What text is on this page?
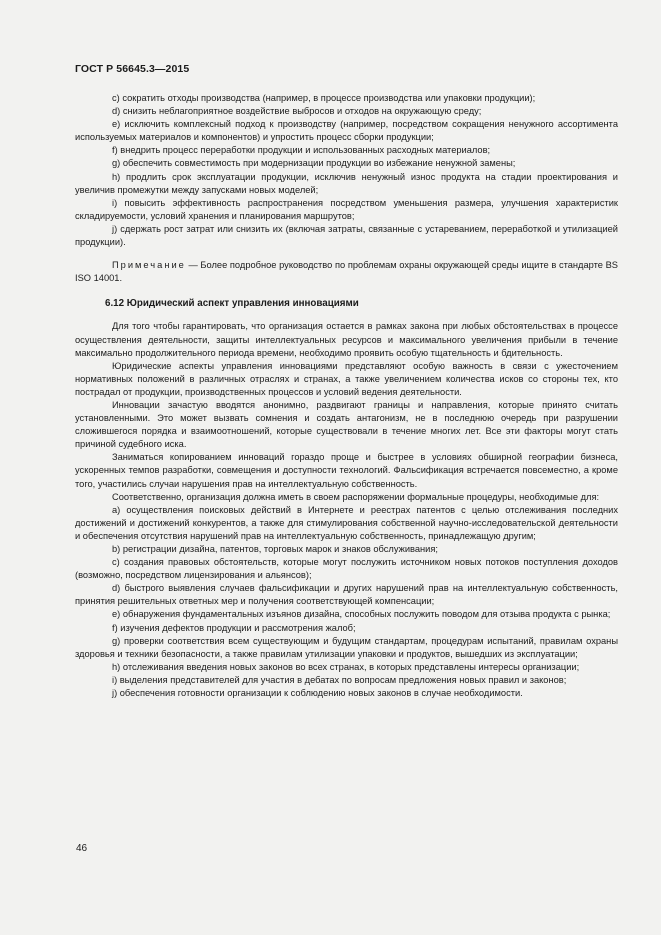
ГОСТ Р 56645.3—2015

c) сократить отходы производства (например, в процессе производства или упаковки продукции);

d) снизить неблагоприятное воздействие выбросов и отходов на окружающую среду;

е) исключить комплексный подход к производству (например, посредством сокращения ненужного ассортимента используемых материалов и компонентов) и упростить процесс сборки продукции;

f) внедрить процесс переработки продукции и использованных расходных материалов;

g) обеспечить совместимость при модернизации продукции во избежание ненужной замены;

h) продлить срок эксплуатации продукции, исключив ненужный износ продукта на стадии проектирования и увеличив промежутки между запусками новых моделей;

i) повысить эффективность распространения посредством уменьшения размера, улучшения характеристик складируемости, условий хранения и планирования маршрутов;

j) сдержать рост затрат или снизить их (включая затраты, связанные с устареванием, переработкой и утилизацией продукции).

Примечание — Более подробное руководство по проблемам охраны окружающей среды ищите в стандарте BS ISO 14001.

6.12 Юридический аспект управления инновациями

Для того чтобы гарантировать, что организация остается в рамках закона при любых обстоятельствах в процессе осуществления деятельности, защиты интеллектуальных ресурсов и максимального увеличения прибыли в течение максимально продолжительного периода времени, необходимо проявить особую тщательность и бдительность.

Юридические аспекты управления инновациями представляют особую важность в связи с ужесточением нормативных положений в различных отраслях и странах, а также увеличением количества исков со стороны тех, кто пострадал от продукции, производственных процессов и условий ведения деятельности.

Инновации зачастую вводятся анонимно, раздвигают границы и направления, которые принято считать установленными. Это может вызвать сомнения и создать антагонизм, не в последнюю очередь при разрушении сложившегося порядка и взаимоотношений, которые существовали в течение многих лет. Все эти факторы могут стать причиной судебного иска.

Заниматься копированием инноваций гораздо проще и быстрее в условиях обширной географии бизнеса, ускоренных темпов разработки, совмещения и доступности технологий. Фальсификация встречается повсеместно, а кроме того, участились случаи нарушения прав на интеллектуальную собственность.

Соответственно, организация должна иметь в своем распоряжении формальные процедуры, необходимые для:

а) осуществления поисковых действий в Интернете и реестрах патентов с целью отслеживания последних достижений и достижений конкурентов, а также для стимулирования собственной научно-исследовательской деятельности и обеспечения отсутствия нарушений прав на интеллектуальную собственность, принадлежащую другим;

b) регистрации дизайна, патентов, торговых марок и знаков обслуживания;

c) создания правовых обстоятельств, которые могут послужить источником новых потоков поступления доходов (возможно, посредством лицензирования и альянсов);

d) быстрого выявления случаев фальсификации и других нарушений прав на интеллектуальную собственность, принятия решительных ответных мер и получения соответствующей компенсации;

е) обнаружения фундаментальных изъянов дизайна, способных послужить поводом для отзыва продукта с рынка;

f) изучения дефектов продукции и рассмотрения жалоб;

g) проверки соответствия всем существующим и будущим стандартам, процедурам испытаний, правилам охраны здоровья и техники безопасности, а также правилам утилизации упаковки и продуктов, вышедших из эксплуатации;

h) отслеживания введения новых законов во всех странах, в которых представлены интересы организации;

i) выделения представителей для участия в дебатах по вопросам предложения новых правил и законов;

j) обеспечения готовности организации к соблюдению новых законов в случае необходимости.

46
